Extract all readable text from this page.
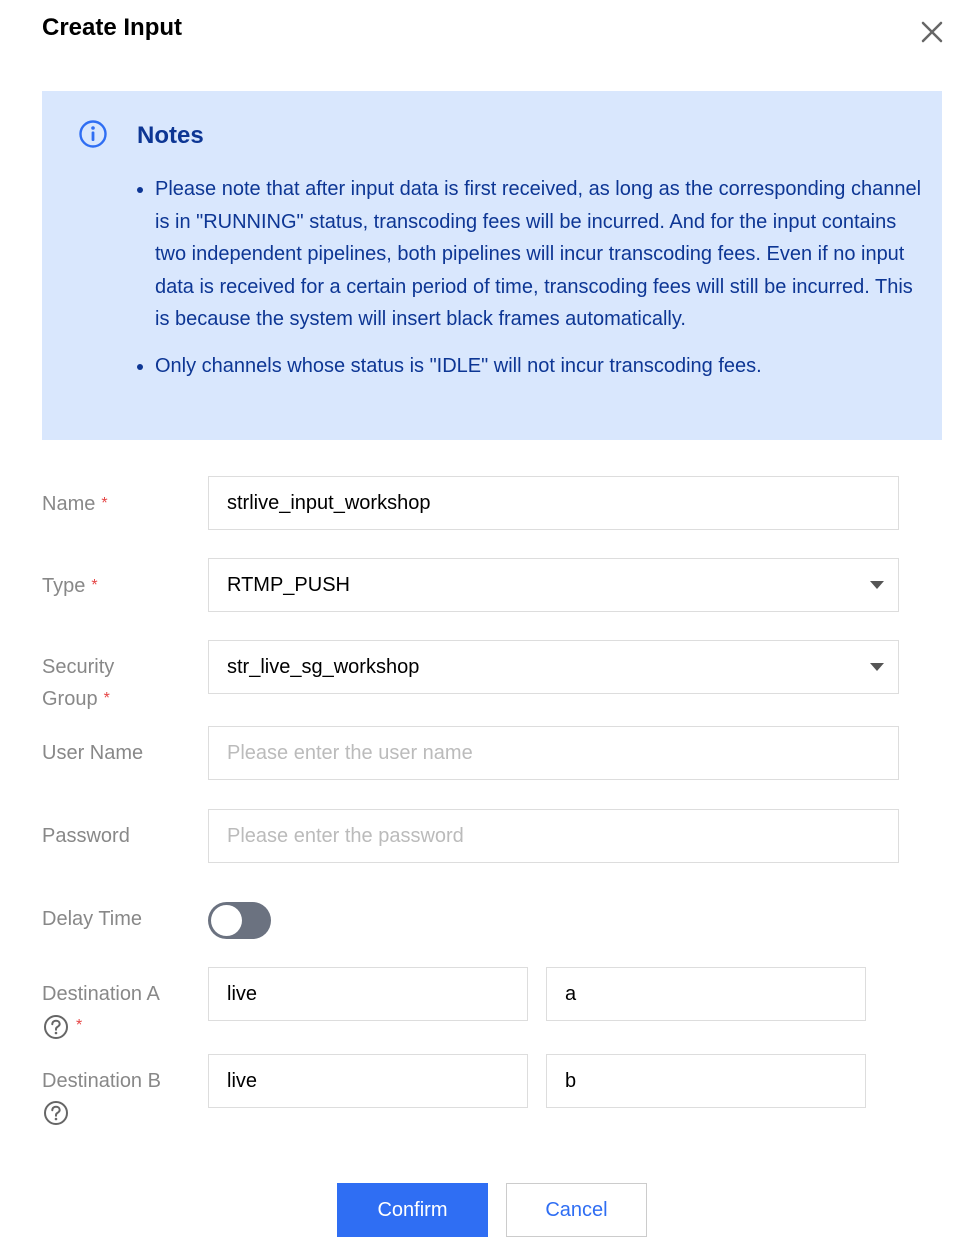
Create Input
Notes
Please note that after input data is first received, as long as the corresponding channel is in "RUNNING" status, transcoding fees will be incurred. And for the input contains two independent pipelines, both pipelines will incur transcoding fees. Even if no input data is received for a certain period of time, transcoding fees will still be incurred. This is because the system will insert black frames automatically.
Only channels whose status is "IDLE" will not incur transcoding fees.
Name *
strlive_input_workshop
Type *	RTMP_PUSH
Security
Group *
str_live_sg_workshop
User Name
Please enter the user name
Password
Delay Time
Destination A
*
live
a
Destination B
live
b
Confirm	Cancel
